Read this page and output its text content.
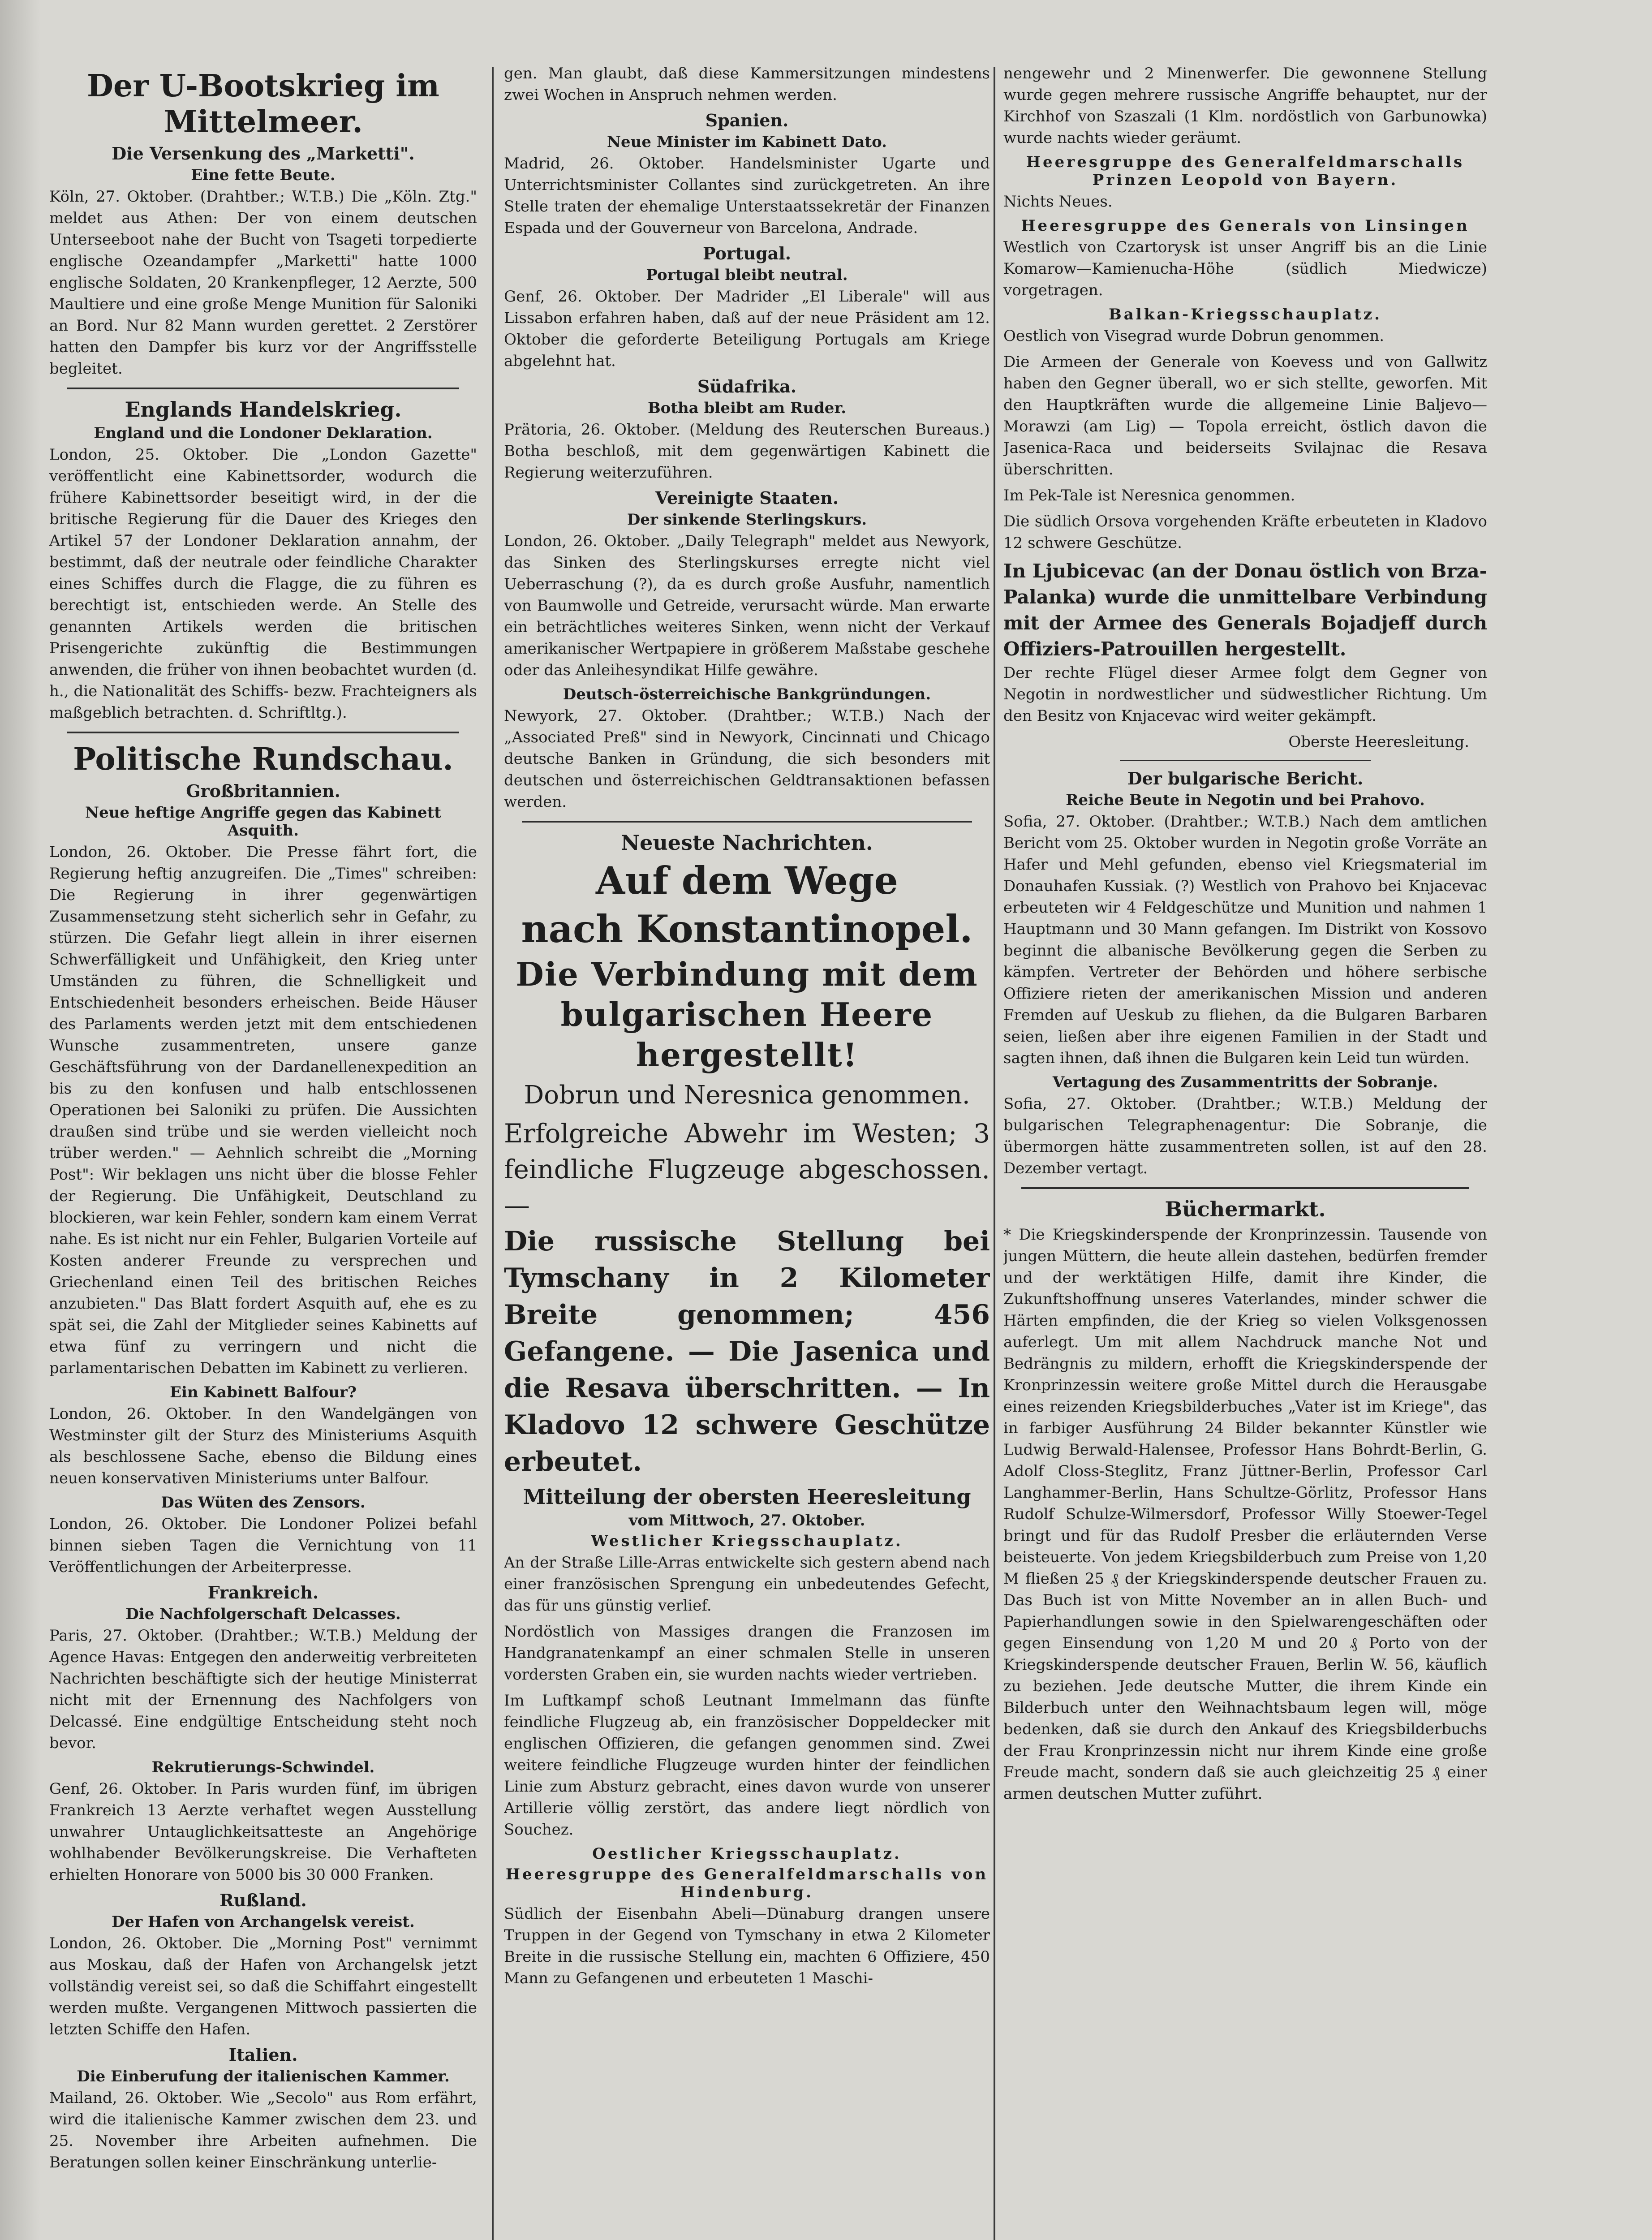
Der U-Bootskrieg im Mittelmeer.
Die Versenkung des „Marketti".
Eine fette Beute.

Köln, 27. Oktober. (Drahtber.; W.T.B.) Die „Köln. Ztg." meldet aus Athen: Der von einem deutschen Unterseeboot nahe der Bucht von Tsageti torpedierte englische Ozeandampfer „Marketti" hatte 1000 englische Soldaten, 20 Krankenpfleger, 12 Aerzte, 500 Maultiere und eine große Menge Munition für Saloniki an Bord. Nur 82 Mann wurden gerettet. 2 Zerstörer hatten den Dampfer bis kurz vor der Angriffsstelle begleitet.

Englands Handelskrieg.
England und die Londoner Deklaration.

London, 25. Oktober. Die „London Gazette" veröffentlicht eine Kabinettsorder, wodurch die frühere Kabinettsorder beseitigt wird, in der die britische Regierung für die Dauer des Krieges den Artikel 57 der Londoner Deklaration annahm, der bestimmt, daß der neutrale oder feindliche Charakter eines Schiffes durch die Flagge, die zu führen es berechtigt ist, entschieden werde. An Stelle des genannten Artikels werden die britischen Prisengerichte zukünftig die Bestimmungen anwenden, die früher von ihnen beobachtet wurden (d. h., die Nationalität des Schiffs- bezw. Frachteigners als maßgeblich betrachten. d. Schriftltg.).

Politische Rundschau.
Großbritannien.
Neue heftige Angriffe gegen das Kabinett Asquith.

London, 26. Oktober. Die Presse fährt fort, die Regierung heftig anzugreifen. Die „Times" schreiben: Die Regierung in ihrer gegenwärtigen Zusammensetzung steht sicherlich sehr in Gefahr, zu stürzen. Die Gefahr liegt allein in ihrer eisernen Schwerfälligkeit und Unfähigkeit, den Krieg unter Umständen zu führen, die Schnelligkeit und Entschiedenheit besonders erheischen. Beide Häuser des Parlaments werden jetzt mit dem entschiedenen Wunsche zusammentreten, unsere ganze Geschäftsführung von der Dardanellenexpedition an bis zu den konfusen und halb entschlossenen Operationen bei Saloniki zu prüfen. Die Aussichten draußen sind trübe und sie werden vielleicht noch trüber werden." — Aehnlich schreibt die „Morning Post": Wir beklagen uns nicht über die blosse Fehler der Regierung. Die Unfähigkeit, Deutschland zu blockieren, war kein Fehler, sondern kam einem Verrat nahe. Es ist nicht nur ein Fehler, Bulgarien Vorteile auf Kosten anderer Freunde zu versprechen und Griechenland einen Teil des britischen Reiches anzubieten." Das Blatt fordert Asquith auf, ehe es zu spät sei, die Zahl der Mitglieder seines Kabinetts auf etwa fünf zu verringern und nicht die parlamentarischen Debatten im Kabinett zu verlieren.

Ein Kabinett Balfour?

London, 26. Oktober. In den Wandelgängen von Westminster gilt der Sturz des Ministeriums Asquith als beschlossene Sache, ebenso die Bildung eines neuen konservativen Ministeriums unter Balfour.

Das Wüten des Zensors.

London, 26. Oktober. Die Londoner Polizei befahl binnen sieben Tagen die Vernichtung von 11 Veröffentlichungen der Arbeiterpresse.

Frankreich.
Die Nachfolgerschaft Delcasses.

Paris, 27. Oktober. (Drahtber.; W.T.B.) Meldung der Agence Havas: Entgegen den anderweitig verbreiteten Nachrichten beschäftigte sich der heutige Ministerrat nicht mit der Ernennung des Nachfolgers von Delcassé. Eine endgültige Entscheidung steht noch bevor.

Rekrutierungs-Schwindel.

Genf, 26. Oktober. In Paris wurden fünf, im übrigen Frankreich 13 Aerzte verhaftet wegen Ausstellung unwahrer Untauglichkeitsatteste an Angehörige wohlhabender Bevölkerungskreise. Die Verhafteten erhielten Honorare von 5000 bis 30 000 Franken.

Rußland.
Der Hafen von Archangelsk vereist.

London, 26. Oktober. Die „Morning Post" vernimmt aus Moskau, daß der Hafen von Archangelsk jetzt vollständig vereist sei, so daß die Schiffahrt eingestellt werden mußte. Vergangenen Mittwoch passierten die letzten Schiffe den Hafen.

Italien.
Die Einberufung der italienischen Kammer.

Mailand, 26. Oktober. Wie „Secolo" aus Rom erfährt, wird die italienische Kammer zwischen dem 23. und 25. November ihre Arbeiten aufnehmen. Die Beratungen sollen keiner Einschränkung unterlie-

gen. Man glaubt, daß diese Kammersitzungen mindestens zwei Wochen in Anspruch nehmen werden.

Spanien.
Neue Minister im Kabinett Dato.

Madrid, 26. Oktober. Handelsminister Ugarte und Unterrichtsminister Collantes sind zurückgetreten. An ihre Stelle traten der ehemalige Unterstaatssekretär der Finanzen Espada und der Gouverneur von Barcelona, Andrade.

Portugal.
Portugal bleibt neutral.

Genf, 26. Oktober. Der Madrider „El Liberale" will aus Lissabon erfahren haben, daß auf der neue Präsident am 12. Oktober die geforderte Beteiligung Portugals am Kriege abgelehnt hat.

Südafrika.
Botha bleibt am Ruder.

Prätoria, 26. Oktober. (Meldung des Reuterschen Bureaus.) Botha beschloß, mit dem gegenwärtigen Kabinett die Regierung weiterzuführen.

Vereinigte Staaten.
Der sinkende Sterlingskurs.

London, 26. Oktober. „Daily Telegraph" meldet aus Newyork, das Sinken des Sterlingskurses erregte nicht viel Ueberraschung (?), da es durch große Ausfuhr, namentlich von Baumwolle und Getreide, verursacht würde. Man erwarte ein beträchtliches weiteres Sinken, wenn nicht der Verkauf amerikanischer Wertpapiere in größerem Maßstabe geschehe oder das Anleihesyndikat Hilfe gewähre.

Deutsch-österreichische Bankgründungen.

Newyork, 27. Oktober. (Drahtber.; W.T.B.) Nach der „Associated Preß" sind in Newyork, Cincinnati und Chicago deutsche Banken in Gründung, die sich besonders mit deutschen und österreichischen Geldtransaktionen befassen werden.

Neueste Nachrichten.
Auf dem Wege
nach Konstantinopel.
Die Verbindung mit dem bulgarischen Heere hergestellt!
Dobrun und Neresnica genommen.

Erfolgreiche Abwehr im Westen; 3 feindliche Flugzeuge abgeschossen. —

Die russische Stellung bei Tymschany in 2 Kilometer Breite genommen; 456 Gefangene. — Die Jasenica und die Resava überschritten. — In Kladovo 12 schwere Geschütze erbeutet.

Mitteilung der obersten Heeresleitung
vom Mittwoch, 27. Oktober.
Westlicher Kriegsschauplatz.

An der Straße Lille-Arras entwickelte sich gestern abend nach einer französischen Sprengung ein unbedeutendes Gefecht, das für uns günstig verlief.

Nordöstlich von Massiges drangen die Franzosen im Handgranatenkampf an einer schmalen Stelle in unseren vordersten Graben ein, sie wurden nachts wieder vertrieben.

Im Luftkampf schoß Leutnant Immelmann das fünfte feindliche Flugzeug ab, ein französischer Doppeldecker mit englischen Offizieren, die gefangen genommen sind. Zwei weitere feindliche Flugzeuge wurden hinter der feindlichen Linie zum Absturz gebracht, eines davon wurde von unserer Artillerie völlig zerstört, das andere liegt nördlich von Souchez.

Oestlicher Kriegsschauplatz.
Heeresgruppe des Generalfeldmarschalls von Hindenburg.

Südlich der Eisenbahn Abeli—Dünaburg drangen unsere Truppen in der Gegend von Tymschany in etwa 2 Kilometer Breite in die russische Stellung ein, machten 6 Offiziere, 450 Mann zu Gefangenen und erbeuteten 1 Maschi-

nengewehr und 2 Minenwerfer. Die gewonnene Stellung wurde gegen mehrere russische Angriffe behauptet, nur der Kirchhof von Szaszali (1 Klm. nordöstlich von Garbunowka) wurde nachts wieder geräumt.

Heeresgruppe des Generalfeldmarschalls Prinzen Leopold von Bayern.

Nichts Neues.

Heeresgruppe des Generals von Linsingen

Westlich von Czartorysk ist unser Angriff bis an die Linie Komarow—Kamienucha-Höhe (südlich Miedwicze) vorgetragen.

Balkan-Kriegsschauplatz.

Oestlich von Visegrad wurde Dobrun genommen.

Die Armeen der Generale von Koevess und von Gallwitz haben den Gegner überall, wo er sich stellte, geworfen. Mit den Hauptkräften wurde die allgemeine Linie Baljevo—Morawzi (am Lig) — Topola erreicht, östlich davon die Jasenica-Raca und beiderseits Svilajnac die Resava überschritten.

Im Pek-Tale ist Neresnica genommen.

Die südlich Orsova vorgehenden Kräfte erbeuteten in Kladovo 12 schwere Geschütze.

In Ljubicevac (an der Donau östlich von Brza-Palanka) wurde die unmittelbare Verbindung mit der Armee des Generals Bojadjeff durch Offiziers-Patrouillen hergestellt.

Der rechte Flügel dieser Armee folgt dem Gegner von Negotin in nordwestlicher und südwestlicher Richtung. Um den Besitz von Knjacevac wird weiter gekämpft.

Oberste Heeresleitung.

Der bulgarische Bericht.
Reiche Beute in Negotin und bei Prahovo.

Sofia, 27. Oktober. (Drahtber.; W.T.B.) Nach dem amtlichen Bericht vom 25. Oktober wurden in Negotin große Vorräte an Hafer und Mehl gefunden, ebenso viel Kriegsmaterial im Donauhafen Kussiak. (?) Westlich von Prahovo bei Knjacevac erbeuteten wir 4 Feldgeschütze und Munition und nahmen 1 Hauptmann und 30 Mann gefangen. Im Distrikt von Kossovo beginnt die albanische Bevölkerung gegen die Serben zu kämpfen. Vertreter der Behörden und höhere serbische Offiziere rieten der amerikanischen Mission und anderen Fremden auf Ueskub zu fliehen, da die Bulgaren Barbaren seien, ließen aber ihre eigenen Familien in der Stadt und sagten ihnen, daß ihnen die Bulgaren kein Leid tun würden.

Vertagung des Zusammentritts der Sobranje.

Sofia, 27. Oktober. (Drahtber.; W.T.B.) Meldung der bulgarischen Telegraphenagentur: Die Sobranje, die übermorgen hätte zusammentreten sollen, ist auf den 28. Dezember vertagt.

Büchermarkt.

* Die Kriegskinderspende der Kronprinzessin. Tausende von jungen Müttern, die heute allein dastehen, bedürfen fremder und der werktätigen Hilfe, damit ihre Kinder, die Zukunftshoffnung unseres Vaterlandes, minder schwer die Härten empfinden, die der Krieg so vielen Volksgenossen auferlegt. Um mit allem Nachdruck manche Not und Bedrängnis zu mildern, erhofft die Kriegskinderspende der Kronprinzessin weitere große Mittel durch die Herausgabe eines reizenden Kriegsbilderbuches „Vater ist im Kriege", das in farbiger Ausführung 24 Bilder bekannter Künstler wie Ludwig Berwald-Halensee, Professor Hans Bohrdt-Berlin, G. Adolf Closs-Steglitz, Franz Jüttner-Berlin, Professor Carl Langhammer-Berlin, Hans Schultze-Görlitz, Professor Hans Rudolf Schulze-Wilmersdorf, Professor Willy Stoewer-Tegel bringt und für das Rudolf Presber die erläuternden Verse beisteuerte. Von jedem Kriegsbilderbuch zum Preise von 1,20 M fließen 25 ₰ der Kriegskinderspende deutscher Frauen zu. Das Buch ist von Mitte November an in allen Buch- und Papierhandlungen sowie in den Spielwarengeschäften oder gegen Einsendung von 1,20 M und 20 ₰ Porto von der Kriegskinderspende deutscher Frauen, Berlin W. 56, käuflich zu beziehen. Jede deutsche Mutter, die ihrem Kinde ein Bilderbuch unter den Weihnachtsbaum legen will, möge bedenken, daß sie durch den Ankauf des Kriegsbilderbuchs der Frau Kronprinzessin nicht nur ihrem Kinde eine große Freude macht, sondern daß sie auch gleichzeitig 25 ₰ einer armen deutschen Mutter zuführt.
